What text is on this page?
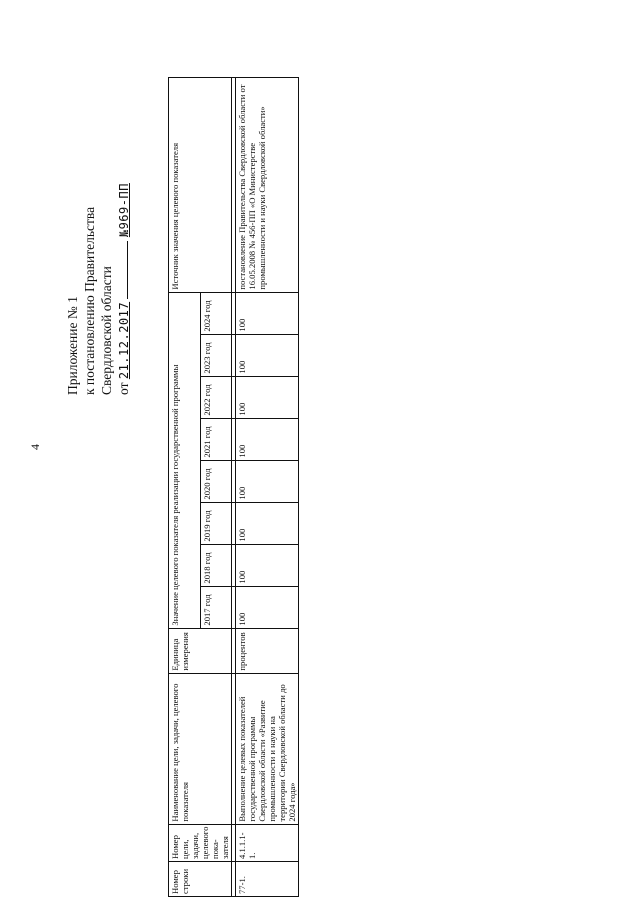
4
Приложение № 1 к постановлению Правительства Свердловской области от 21.12.2017  №969-ПП
Номер строки	Номер цели, задачи, целевого пока-зателя	Наименование цели, задачи, целевого показателя	Единица измерения	Значение целевого показателя реализации государственной программы								Источник значения целевого показателя
				2017 год	2018 год	2019 год	2020 год	2021 год	2022 год	2023 год	2024 год	

77-1.	4.1.1.1-1.	Выполнение целевых показателей государственной программы Свердловской области «Развитие промышленности и науки на территории Свердловской области до 2024 года»	процентов	100	100	100	100	100	100	100	100	постановление Правительства Свердловской области от 16.05.2008 № 456-ПП «О Министерстве промышленности и науки Свердловской области»
